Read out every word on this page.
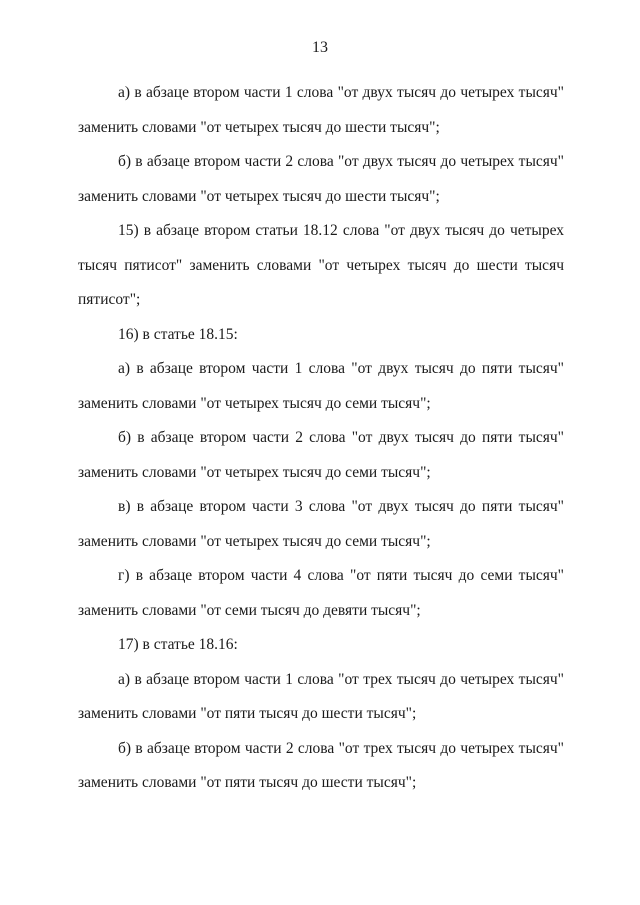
13

а) в абзаце втором части 1 слова "от двух тысяч до четырех тысяч" заменить словами "от четырех тысяч до шести тысяч";

б) в абзаце втором части 2 слова "от двух тысяч до четырех тысяч" заменить словами "от четырех тысяч до шести тысяч";

15) в абзаце втором статьи 18.12 слова "от двух тысяч до четырех тысяч пятисот" заменить словами "от четырех тысяч до шести тысяч пятисот";

16) в статье 18.15:

а) в абзаце втором части 1 слова "от двух тысяч до пяти тысяч" заменить словами "от четырех тысяч до семи тысяч";

б) в абзаце втором части 2 слова "от двух тысяч до пяти тысяч" заменить словами "от четырех тысяч до семи тысяч";

в) в абзаце втором части 3 слова "от двух тысяч до пяти тысяч" заменить словами "от четырех тысяч до семи тысяч";

г) в абзаце втором части 4 слова "от пяти тысяч до семи тысяч" заменить словами "от семи тысяч до девяти тысяч";

17) в статье 18.16:

а) в абзаце втором части 1 слова "от трех тысяч до четырех тысяч" заменить словами "от пяти тысяч до шести тысяч";

б) в абзаце втором части 2 слова "от трех тысяч до четырех тысяч" заменить словами "от пяти тысяч до шести тысяч";
